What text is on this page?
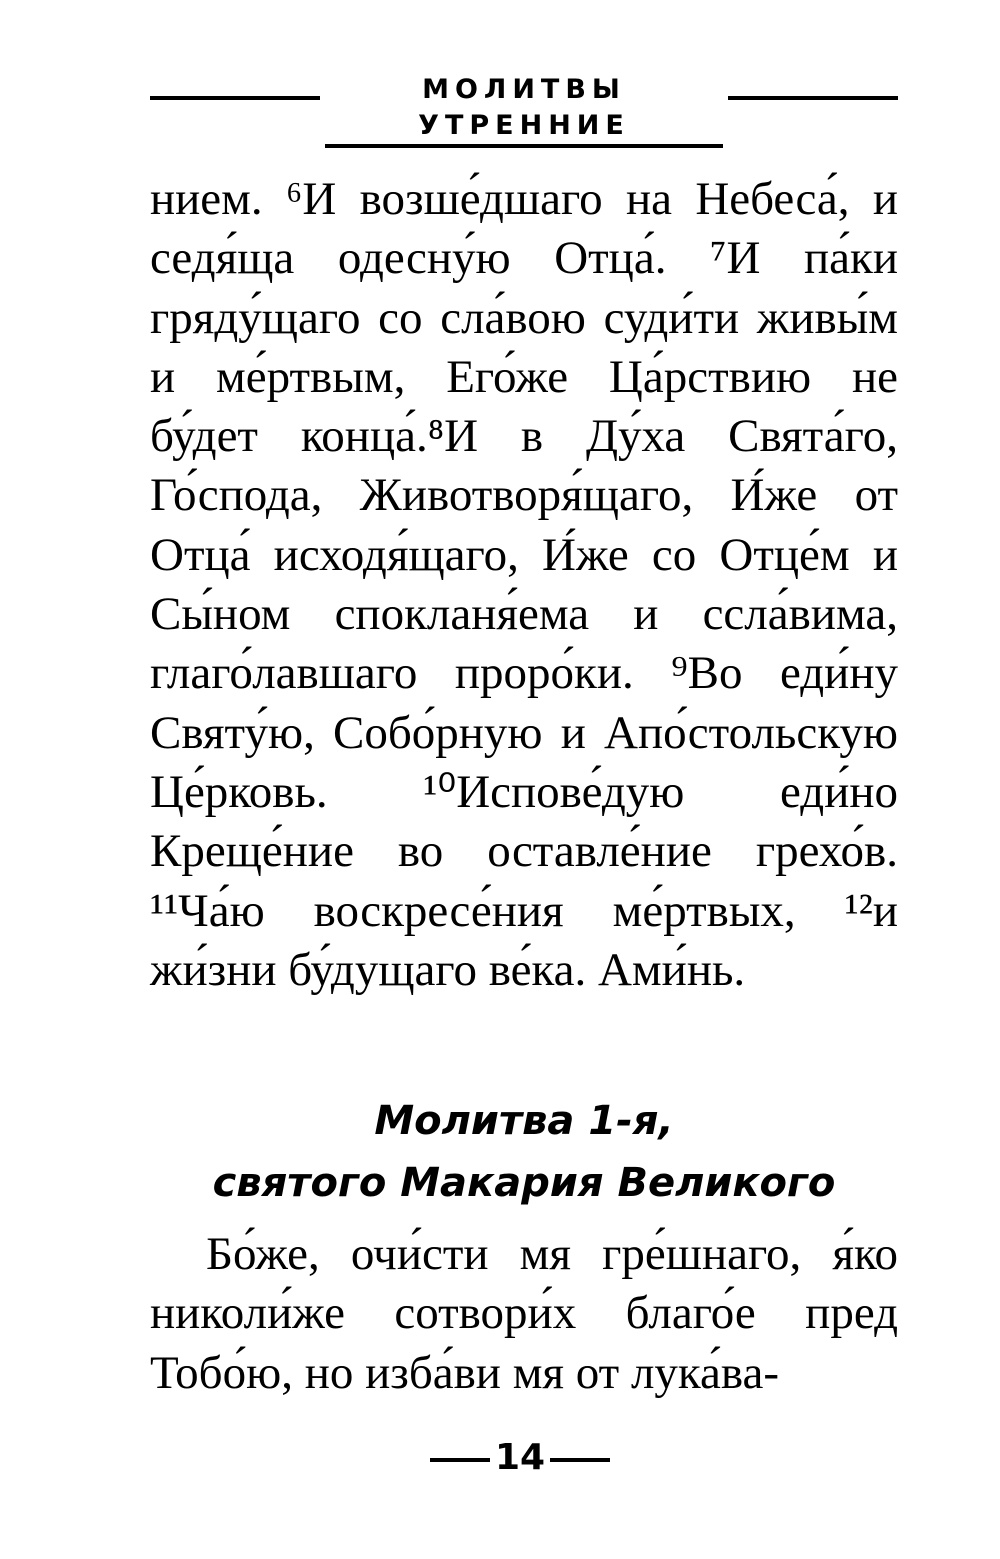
МОЛИТВЫ УТРЕННИЕ
нием. ⁶И возше́дшаго на Небеса́, и седя́ща одесну́ю Отца́. ⁷И па́ки гряду́щаго со сла́вою суди́ти живы́м и ме́ртвым, Его́же Ца́рствию не бу́дет конца́.⁸И в Ду́ха Свята́го, Го́спода, Животворя́щаго, И́же от Отца́ исходя́щаго, И́же со Отце́м и Сы́ном спокланя́ема и ссла́вима, глаго́лавшаго проро́ки. ⁹Во еди́ну Святу́ю, Собо́рную и Апо́стольскую Це́рковь. ¹⁰Испове́дую еди́но Креще́ние во оставле́ние грехо́в. ¹¹Ча́ю воскресе́ния ме́ртвых, ¹²и жи́зни бу́дущаго ве́ка. Ами́нь.
Молитва 1-я,
святого Макария Великого
Бо́же, очи́сти мя гре́шнаго, я́ко николи́же сотвори́х благо́е пред Тобо́ю, но изба́ви мя от лука́ва-
14
